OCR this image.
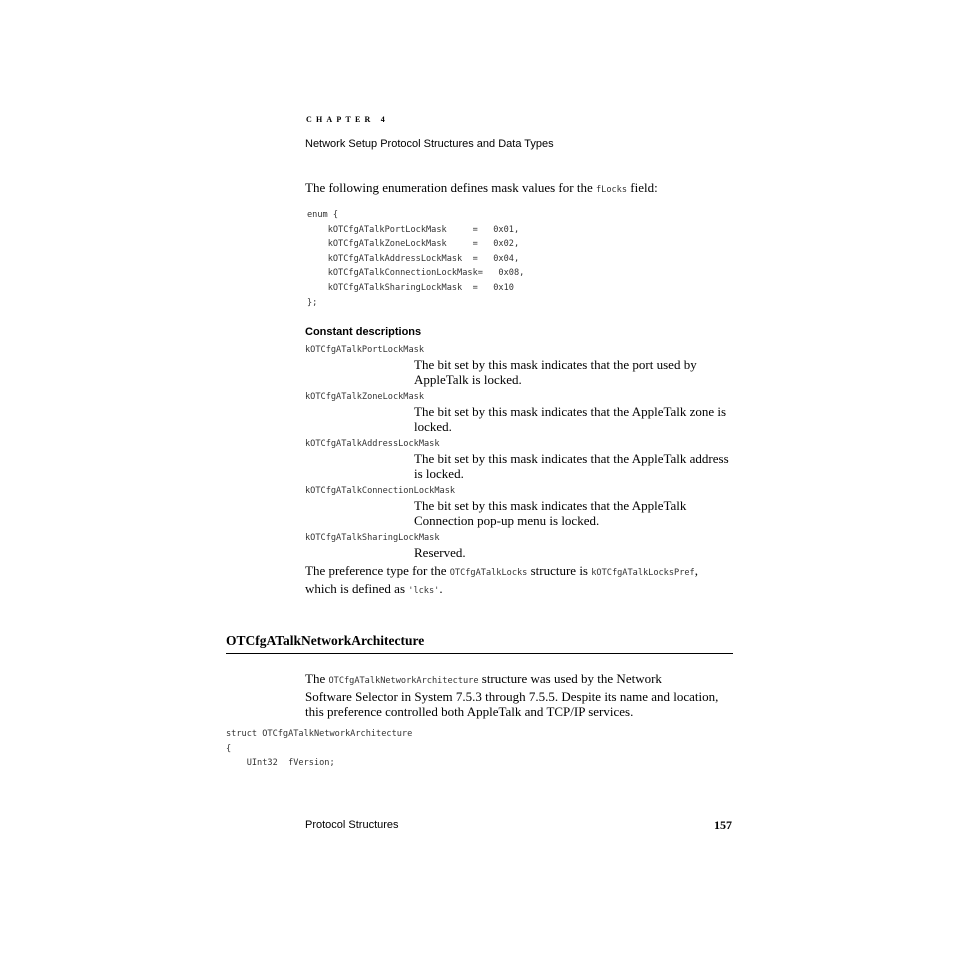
CHAPTER 4
Network Setup Protocol Structures and Data Types
The following enumeration defines mask values for the fLocks field:
enum {
kOTCfgATalkPortLockMask     =   0x01,
kOTCfgATalkZoneLockMask     =   0x02,
kOTCfgATalkAddressLockMask  =   0x04,
kOTCfgATalkConnectionLockMask=   0x08,
kOTCfgATalkSharingLockMask  =   0x10
};
Constant descriptions
kOTCfgATalkPortLockMask
The bit set by this mask indicates that the port used by AppleTalk is locked.
kOTCfgATalkZoneLockMask
The bit set by this mask indicates that the AppleTalk zone is locked.
kOTCfgATalkAddressLockMask
The bit set by this mask indicates that the AppleTalk address is locked.
kOTCfgATalkConnectionLockMask
The bit set by this mask indicates that the AppleTalk Connection pop-up menu is locked.
kOTCfgATalkSharingLockMask
Reserved.
The preference type for the OTCfgATalkLocks structure is kOTCfgATalkLocksPref,
which is defined as 'lcks'.
OTCfgATalkNetworkArchitecture
The OTCfgATalkNetworkArchitecture structure was used by the Network
Software Selector in System 7.5.3 through 7.5.5. Despite its name and location,
this preference controlled both AppleTalk and TCP/IP services.
struct OTCfgATalkNetworkArchitecture
{
UInt32  fVersion;
Protocol Structures	157
